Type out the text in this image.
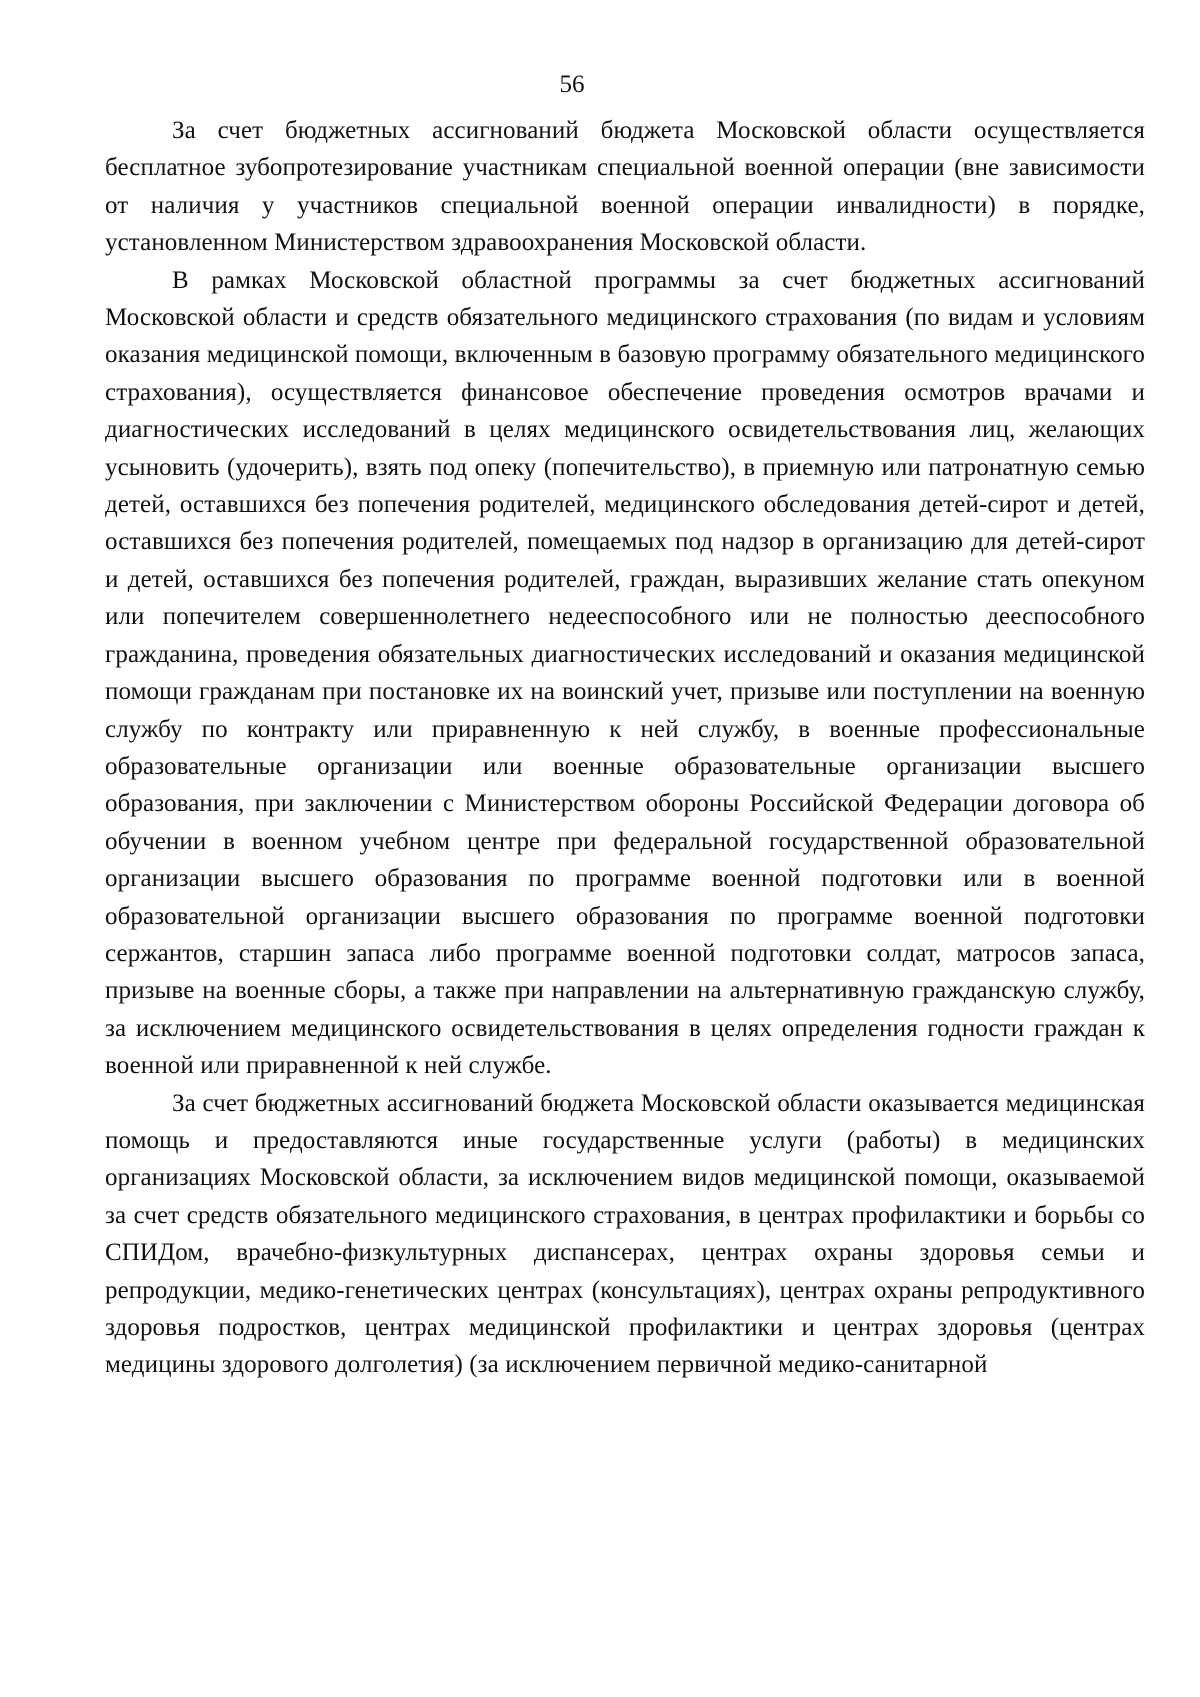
56

За счет бюджетных ассигнований бюджета Московской области осуществляется бесплатное зубопротезирование участникам специальной военной операции (вне зависимости от наличия у участников специальной военной операции инвалидности) в порядке, установленном Министерством здравоохранения Московской области.

В рамках Московской областной программы за счет бюджетных ассигнований Московской области и средств обязательного медицинского страхования (по видам и условиям оказания медицинской помощи, включенным в базовую программу обязательного медицинского страхования), осуществляется финансовое обеспечение проведения осмотров врачами и диагностических исследований в целях медицинского освидетельствования лиц, желающих усыновить (удочерить), взять под опеку (попечительство), в приемную или патронатную семью детей, оставшихся без попечения родителей, медицинского обследования детей-сирот и детей, оставшихся без попечения родителей, помещаемых под надзор в организацию для детей-сирот и детей, оставшихся без попечения родителей, граждан, выразивших желание стать опекуном или попечителем совершеннолетнего недееспособного или не полностью дееспособного гражданина, проведения обязательных диагностических исследований и оказания медицинской помощи гражданам при постановке их на воинский учет, призыве или поступлении на военную службу по контракту или приравненную к ней службу, в военные профессиональные образовательные организации или военные образовательные организации высшего образования, при заключении с Министерством обороны Российской Федерации договора об обучении в военном учебном центре при федеральной государственной образовательной организации высшего образования по программе военной подготовки или в военной образовательной организации высшего образования по программе военной подготовки сержантов, старшин запаса либо программе военной подготовки солдат, матросов запаса, призыве на военные сборы, а также при направлении на альтернативную гражданскую службу, за исключением медицинского освидетельствования в целях определения годности граждан к военной или приравненной к ней службе.

За счет бюджетных ассигнований бюджета Московской области оказывается медицинская помощь и предоставляются иные государственные услуги (работы) в медицинских организациях Московской области, за исключением видов медицинской помощи, оказываемой за счет средств обязательного медицинского страхования, в центрах профилактики и борьбы со СПИДом, врачебно-физкультурных диспансерах, центрах охраны здоровья семьи и репродукции, медико-генетических центрах (консультациях), центрах охраны репродуктивного здоровья подростков, центрах медицинской профилактики и центрах здоровья (центрах медицины здорового долголетия) (за исключением первичной медико-санитарной
